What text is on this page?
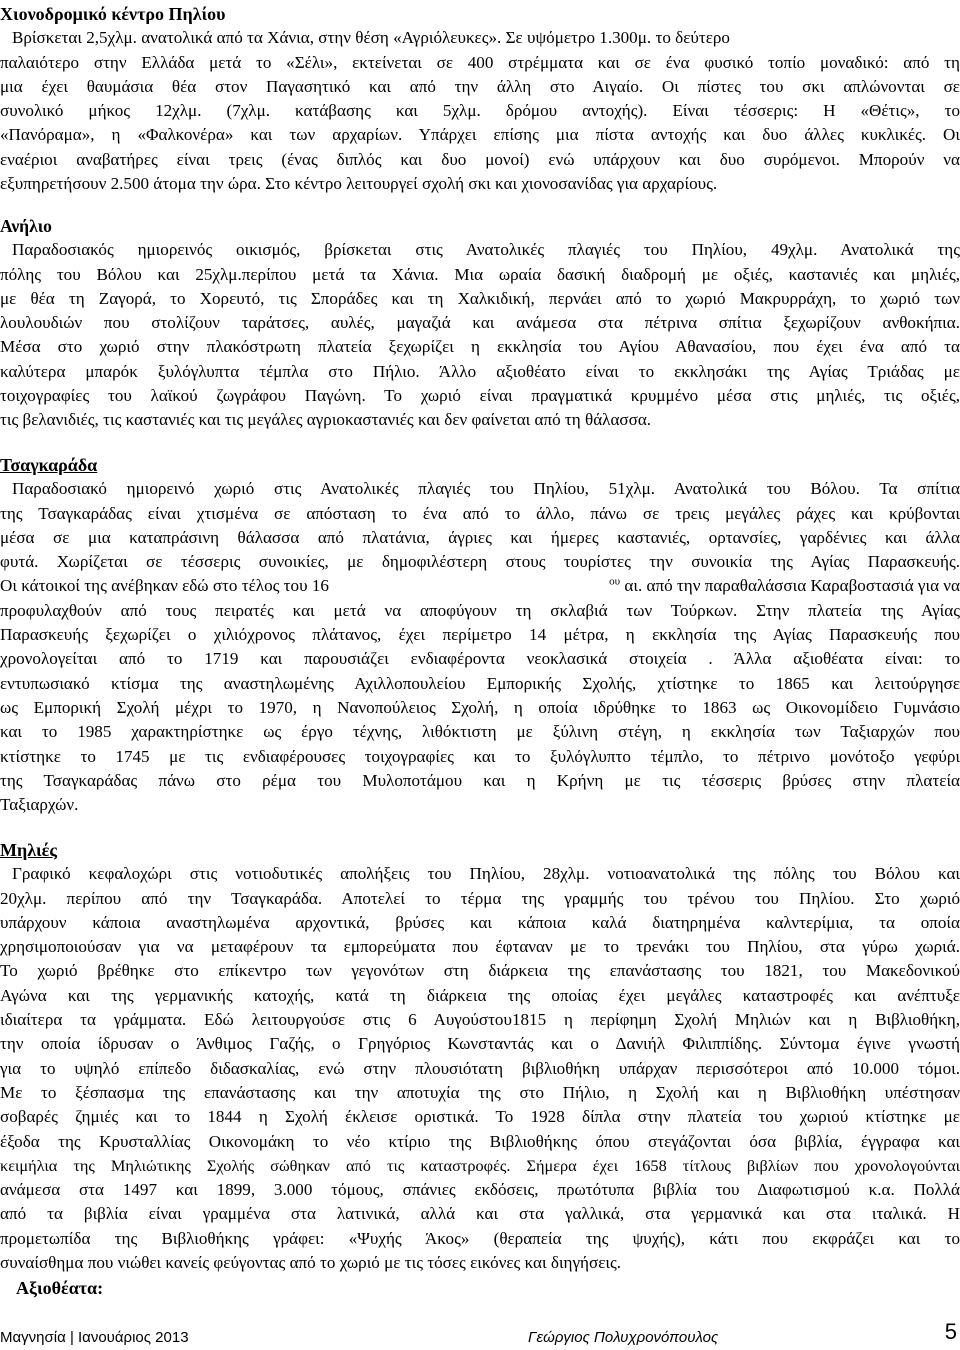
Χιονοδρομικό κέντρο Πηλίου
Βρίσκεται 2,5χλμ. ανατολικά από τα Χάνια, στην θέση «Αγριόλευκες». Σε υψόμετρο 1.300μ. το δεύτερο
παλαιότερο στην Ελλάδα μετά το «Σέλι», εκτείνεται σε 400 στρέμματα και σε ένα φυσικό τοπίο μοναδικό: από τη
μια έχει θαυμάσια θέα στον Παγασητικό και από την άλλη στο Αιγαίο. Οι πίστες του σκι απλώνονται σε
συνολικό μήκος 12χλμ. (7χλμ. κατάβασης και 5χλμ. δρόμου αντοχής). Είναι τέσσερις: Η «Θέτις», το
«Πανόραμα», η «Φαλκονέρα» και των αρχαρίων. Υπάρχει επίσης μια πίστα αντοχής και δυο άλλες κυκλικές. Οι
εναέριοι αναβατήρες είναι τρεις (ένας διπλός και δυο μονοί) ενώ υπάρχουν και δυο συρόμενοι. Μπορούν να
εξυπηρετήσουν 2.500 άτομα την ώρα. Στο κέντρο λειτουργεί σχολή σκι και χιονοσανίδας για αρχαρίους.
Ανήλιο
Παραδοσιακός ημιορεινός οικισμός, βρίσκεται στις Ανατολικές πλαγιές του Πηλίου, 49χλμ. Ανατολικά της
πόλης του Βόλου και 25χλμ.περίπου μετά τα Χάνια. Μια ωραία δασική διαδρομή με οξιές, καστανιές και μηλιές,
με θέα τη Ζαγορά, το Χορευτό, τις Σποράδες και τη Χαλκιδική, περνάει από το χωριό Μακρυρράχη, το χωριό των
λουλουδιών που στολίζουν ταράτσες, αυλές, μαγαζιά και ανάμεσα στα πέτρινα σπίτια ξεχωρίζουν ανθοκήπια.
Μέσα στο χωριό στην πλακόστρωτη πλατεία ξεχωρίζει η εκκλησία του Αγίου Αθανασίου, που έχει ένα από τα
καλύτερα μπαρόκ ξυλόγλυπτα τέμπλα στο Πήλιο. Άλλο αξιοθέατο είναι το εκκλησάκι της Αγίας Τριάδας με
τοιχογραφίες του λαϊκού ζωγράφου Παγώνη. Το χωριό είναι πραγματικά κρυμμένο μέσα στις μηλιές, τις οξιές,
τις βελανιδιές, τις καστανιές και τις μεγάλες αγριοκαστανιές και δεν φαίνεται από τη θάλασσα.
Τσαγκαράδα
Παραδοσιακό ημιορεινό χωριό στις Ανατολικές πλαγιές του Πηλίου, 51χλμ. Ανατολικά του Βόλου. Τα σπίτια
της Τσαγκαράδας είναι χτισμένα σε απόσταση το ένα από το άλλο, πάνω σε τρεις μεγάλες ράχες και κρύβονται
μέσα σε μια καταπράσινη θάλασσα από πλατάνια, άγριες και ήμερες καστανιές, ορτανσίες, γαρδένιες και άλλα
φυτά. Χωρίζεται σε τέσσερις συνοικίες, με δημοφιλέστερη στους τουρίστες την συνοικία της Αγίας Παρασκευής.
Οι κάτοικοί της ανέβηκαν εδώ στο τέλος του 16	$^{o\upsilon}$ αι. από την παραθαλάσσια Καραβοστασιά για να
προφυλαχθούν από τους πειρατές και μετά να αποφύγουν τη σκλαβιά των Τούρκων. Στην πλατεία της Αγίας
Παρασκευής ξεχωρίζει ο χιλιόχρονος πλάτανος, έχει περίμετρο 14 μέτρα, η εκκλησία της Αγίας Παρασκευής που
χρονολογείται από το 1719 και παρουσιάζει ενδιαφέροντα νεοκλασικά στοιχεία . Άλλα αξιοθέατα είναι: το
εντυπωσιακό κτίσμα της αναστηλωμένης Αχιλλοπουλείου Εμπορικής Σχολής, χτίστηκε το 1865 και λειτούργησε
ως Εμπορική Σχολή μέχρι το 1970, η Νανοπούλειος Σχολή, η οποία ιδρύθηκε το 1863 ως Οικονομίδειο Γυμνάσιο
και το 1985 χαρακτηρίστηκε ως έργο τέχνης, λιθόκτιστη με ξύλινη στέγη, η εκκλησία των Ταξιαρχών που
κτίστηκε το 1745 με τις ενδιαφέρουσες τοιχογραφίες και το ξυλόγλυπτο τέμπλο, το πέτρινο μονότοξο γεφύρι
της Τσαγκαράδας πάνω στο ρέμα του Μυλοποτάμου και η Κρήνη με τις τέσσερις βρύσες στην πλατεία
Ταξιαρχών.
Μηλιές
Γραφικό κεφαλοχώρι στις νοτιοδυτικές απολήξεις του Πηλίου, 28χλμ. νοτιοανατολικά της πόλης του Βόλου και
20χλμ. περίπου από την Τσαγκαράδα. Αποτελεί το τέρμα της γραμμής του τρένου του Πηλίου. Στο χωριό
υπάρχουν κάποια αναστηλωμένα αρχοντικά, βρύσες και κάποια καλά διατηρημένα καλντερίμια, τα οποία
χρησιμοποιούσαν για να μεταφέρουν τα εμπορεύματα που έφταναν με το τρενάκι του Πηλίου, στα γύρω χωριά.
Το χωριό βρέθηκε στο επίκεντρο των γεγονότων στη διάρκεια της επανάστασης του 1821, του Μακεδονικού
Αγώνα και της γερμανικής κατοχής, κατά τη διάρκεια της οποίας έχει μεγάλες καταστροφές και ανέπτυξε
ιδιαίτερα τα γράμματα. Εδώ λειτουργούσε στις 6 Αυγούστου1815 η περίφημη Σχολή Μηλιών και η Βιβλιοθήκη,
την οποία ίδρυσαν ο Άνθιμος Γαζής, ο Γρηγόριος Κωνσταντάς και ο Δανιήλ Φιλιππίδης. Σύντομα έγινε γνωστή
για το υψηλό επίπεδο διδασκαλίας, ενώ στην πλουσιότατη βιβλιοθήκη υπάρχαν περισσότεροι από 10.000 τόμοι.
Με το ξέσπασμα της επανάστασης και την αποτυχία της στο Πήλιο, η Σχολή και η Βιβλιοθήκη υπέστησαν
σοβαρές ζημιές και το 1844 η Σχολή έκλεισε οριστικά. Το 1928 δίπλα στην πλατεία του χωριού κτίστηκε με
έξοδα της Κρυσταλλίας Οικονομάκη το νέο κτίριο της Βιβλιοθήκης όπου στεγάζονται όσα βιβλία, έγγραφα και
κειμήλια της Μηλιώτικης Σχολής σώθηκαν από τις καταστροφές. Σήμερα έχει 1658 τίτλους βιβλίων που χρονολογούνται
ανάμεσα στα 1497 και 1899, 3.000 τόμους, σπάνιες εκδόσεις, πρωτότυπα βιβλία του Διαφωτισμού κ.α. Πολλά
από τα βιβλία είναι γραμμένα στα λατινικά, αλλά και στα γαλλικά, στα γερμανικά και στα ιταλικά. Η
προμετωπίδα της Βιβλιοθήκης γράφει: «Ψυχής Άκος» (θεραπεία της ψυχής), κάτι που εκφράζει και το
συναίσθημα που νιώθει κανείς φεύγοντας από το χωριό με τις τόσες εικόνες και διηγήσεις.
Αξιοθέατα:
Μαγνησία | Ιανουάριος 2013	Γεώργιος Πολυχρονόπουλος	5
